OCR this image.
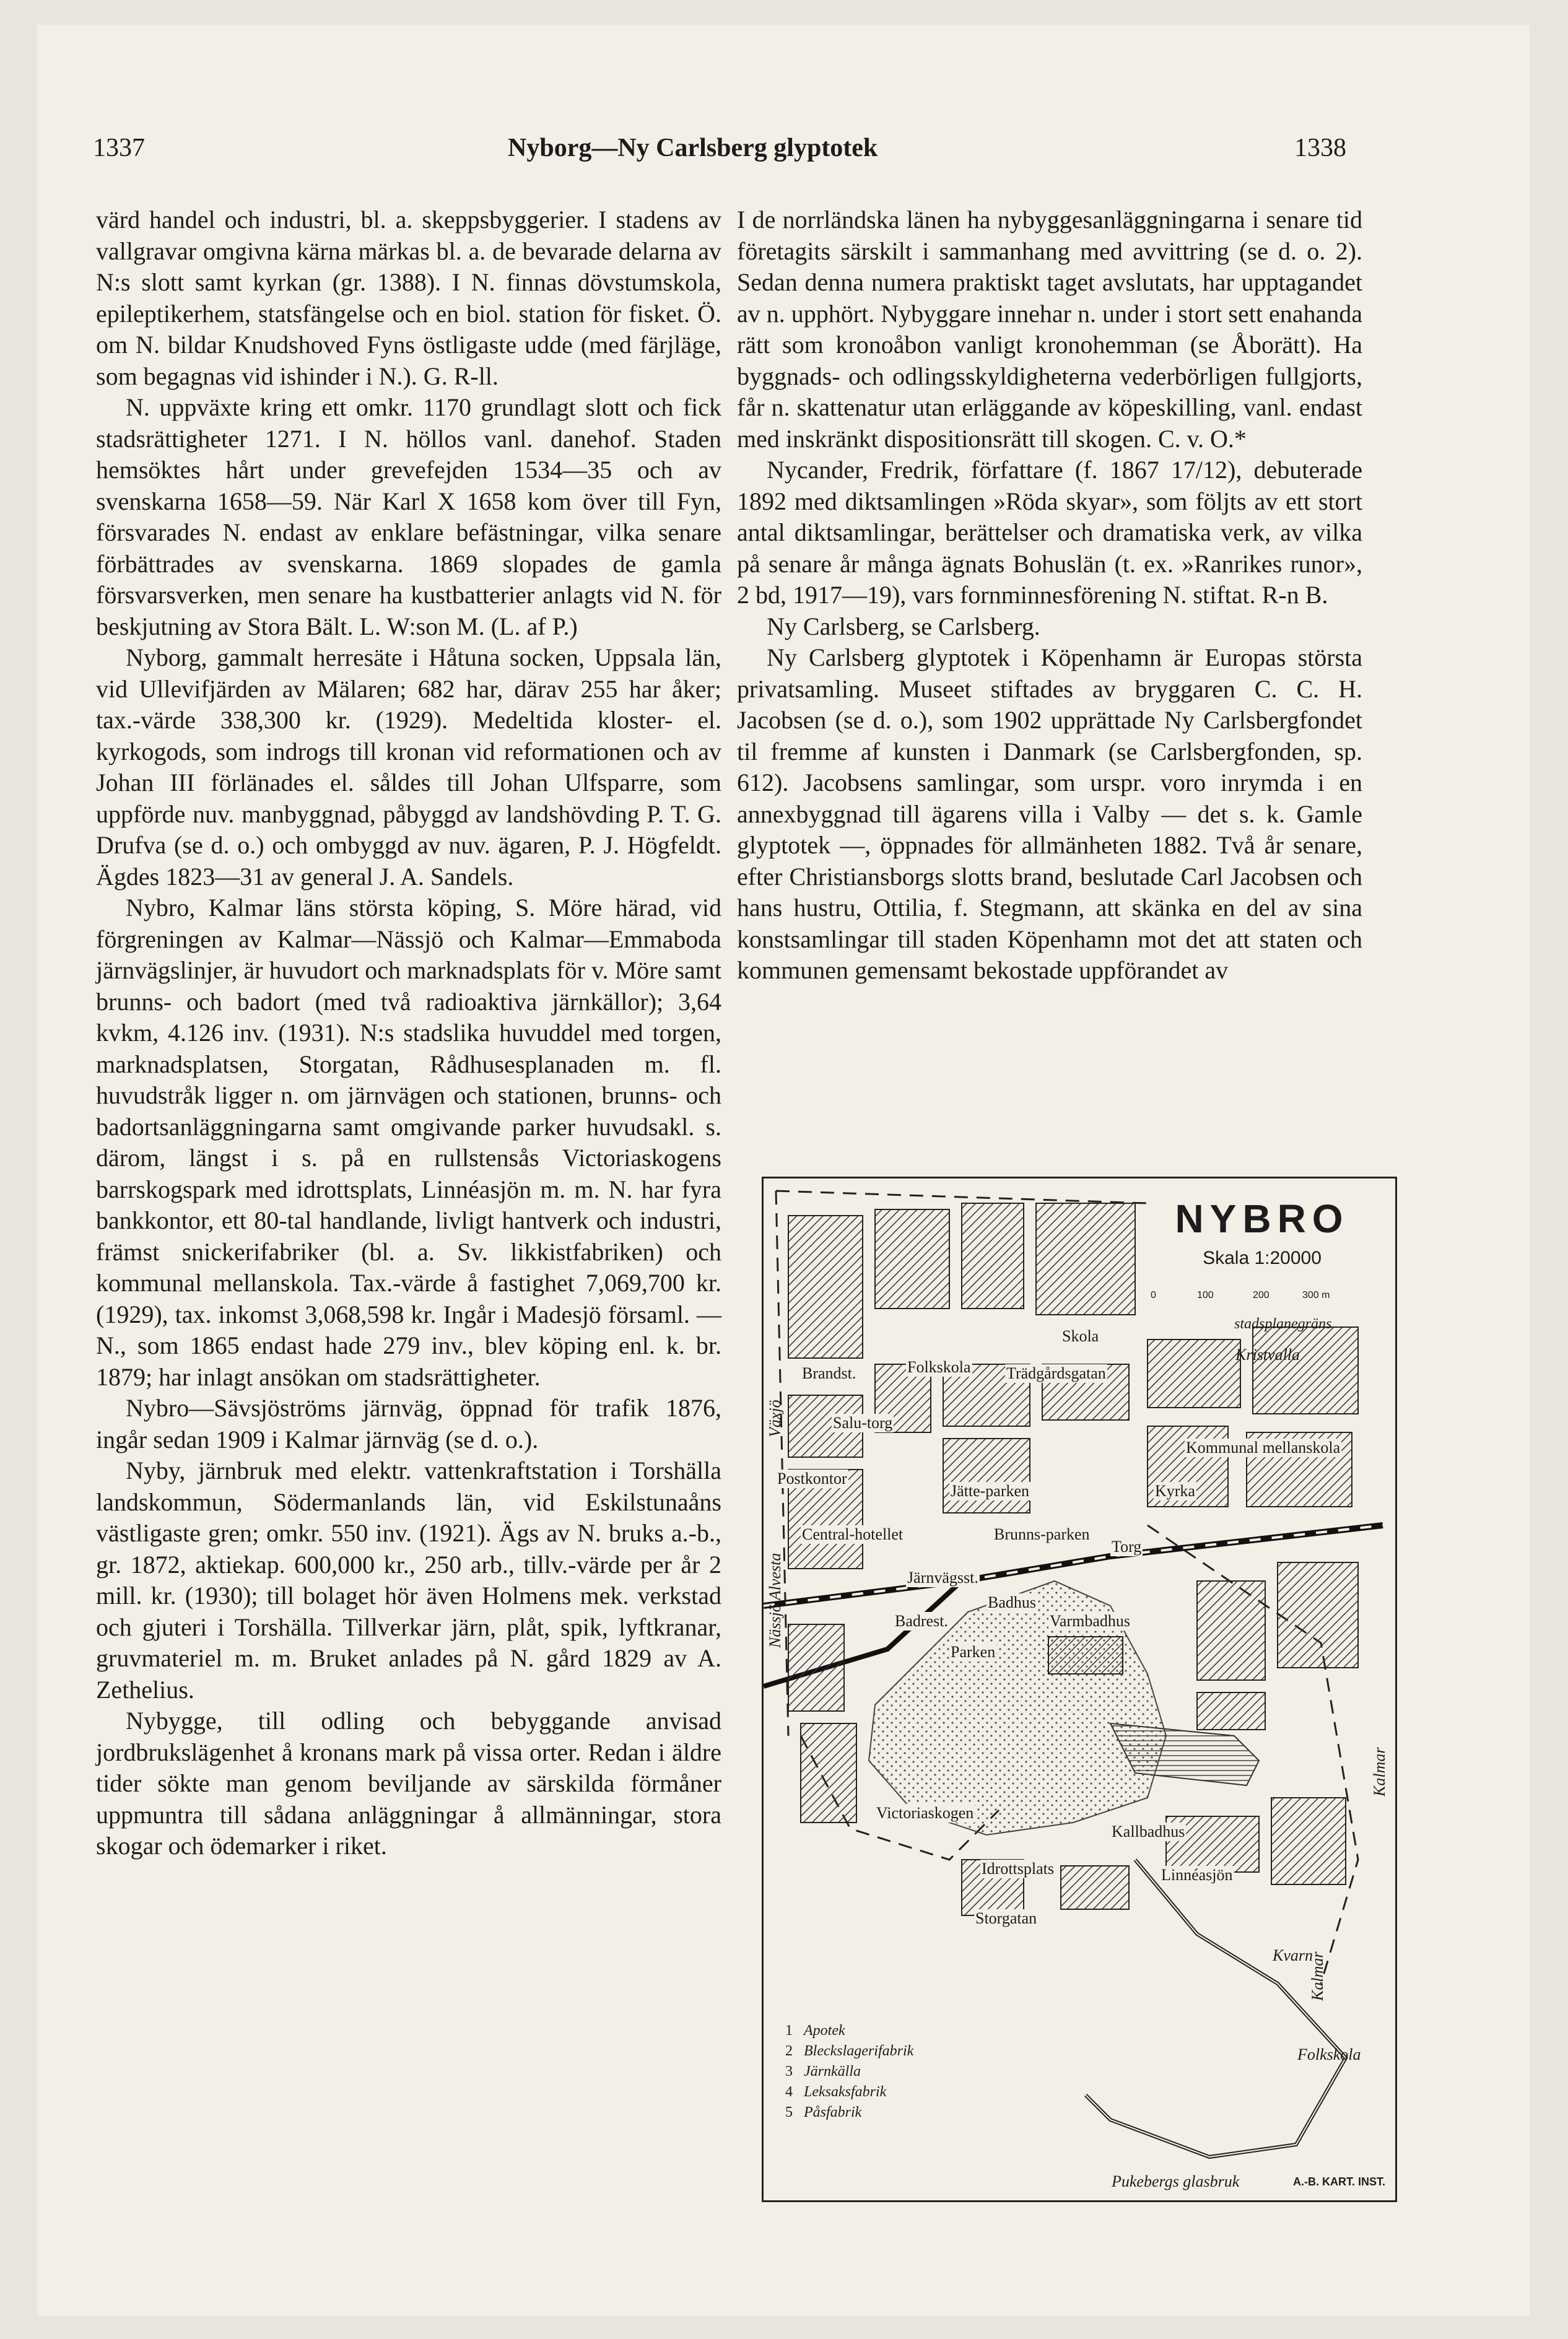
1337	Nyborg—Ny Carlsberg glyptotek	1338

värd handel och industri, bl. a. skeppsbyggerier. I stadens av vallgravar omgivna kärna märkas bl. a. de bevarade delarna av N:s slott samt kyrkan (gr. 1388). I N. finnas dövstumskola, epileptikerhem, statsfängelse och en biol. station för fisket. Ö. om N. bildar Knudshoved Fyns östligaste udde (med färjläge, som begagnas vid ishinder i N.). G. R-ll.

N. uppväxte kring ett omkr. 1170 grundlagt slott och fick stadsrättigheter 1271. I N. höllos vanl. danehof. Staden hemsöktes hårt under grevefejden 1534—35 och av svenskarna 1658—59. När Karl X 1658 kom över till Fyn, försvarades N. endast av enklare befästningar, vilka senare förbättrades av svenskarna. 1869 slopades de gamla försvarsverken, men senare ha kustbatterier anlagts vid N. för beskjutning av Stora Bält. L. W:son M. (L. af P.)

Nyborg, gammalt herresäte i Håtuna socken, Uppsala län, vid Ullevifjärden av Mälaren; 682 har, därav 255 har åker; tax.-värde 338,300 kr. (1929). Medeltida kloster- el. kyrkogods, som indrogs till kronan vid reformationen och av Johan III förlänades el. såldes till Johan Ulfsparre, som uppförde nuv. manbyggnad, påbyggd av landshövding P. T. G. Drufva (se d. o.) och ombyggd av nuv. ägaren, P. J. Högfeldt. Ägdes 1823—31 av general J. A. Sandels.

Nybro, Kalmar läns största köping, S. Möre härad, vid förgreningen av Kalmar—Nässjö och Kalmar—Emmaboda järnvägslinjer, är huvudort och marknadsplats för v. Möre samt brunns- och badort (med två radioaktiva järnkällor); 3,64 kvkm, 4.126 inv. (1931). N:s stadslika huvuddel med torgen, marknadsplatsen, Storgatan, Rådhusesplanaden m. fl. huvudstråk ligger n. om järnvägen och stationen, brunns- och badortsanläggningarna samt omgivande parker huvudsakl. s. därom, längst i s. på en rullstensås Victoriaskogens barrskogspark med idrottsplats, Linnéasjön m. m. N. har fyra bankkontor, ett 80-tal handlande, livligt hantverk och industri, främst snickerifabriker (bl. a. Sv. likkistfabriken) och kommunal mellanskola. Tax.-värde å fastighet 7,069,700 kr. (1929), tax. inkomst 3,068,598 kr. Ingår i Madesjö församl. — N., som 1865 endast hade 279 inv., blev köping enl. k. br. 1879; har inlagt ansökan om stadsrättigheter.

Nybro—Sävsjöströms järnväg, öppnad för trafik 1876, ingår sedan 1909 i Kalmar järnväg (se d. o.).

Nyby, järnbruk med elektr. vattenkraftstation i Torshälla landskommun, Södermanlands län, vid Eskilstunaåns västligaste gren; omkr. 550 inv. (1921). Ägs av N. bruks a.-b., gr. 1872, aktiekap. 600,000 kr., 250 arb., tillv.-värde per år 2 mill. kr. (1930); till bolaget hör även Holmens mek. verkstad och gjuteri i Torshälla. Tillverkar järn, plåt, spik, lyftkranar, gruvmateriel m. m. Bruket anlades på N. gård 1829 av A. Zethelius.

Nybygge, till odling och bebyggande anvisad jordbrukslägenhet å kronans mark på vissa orter. Redan i äldre tider sökte man genom beviljande av särskilda förmåner uppmuntra till sådana anläggningar å allmänningar, stora skogar och ödemarker i riket.

I de norrländska länen ha nybyggesanläggningarna i senare tid företagits särskilt i sammanhang med avvittring (se d. o. 2). Sedan denna numera praktiskt taget avslutats, har upptagandet av n. upphört. Nybyggare innehar n. under i stort sett enahanda rätt som kronoåbon vanligt kronohemman (se Åborätt). Ha byggnads- och odlingsskyldigheterna vederbörligen fullgjorts, får n. skattenatur utan erläggande av köpeskilling, vanl. endast med inskränkt dispositionsrätt till skogen. C. v. O.*

Nycander, Fredrik, författare (f. 1867 17/12), debuterade 1892 med diktsamlingen »Röda skyar», som följts av ett stort antal diktsamlingar, berättelser och dramatiska verk, av vilka på senare år många ägnats Bohuslän (t. ex. »Ranrikes runor», 2 bd, 1917—19), vars fornminnesförening N. stiftat. R-n B.

Ny Carlsberg, se Carlsberg.

Ny Carlsberg glyptotek i Köpenhamn är Europas största privatsamling. Museet stiftades av bryggaren C. C. H. Jacobsen (se d. o.), som 1902 upprättade Ny Carlsbergfondet til fremme af kunsten i Danmark (se Carlsbergfonden, sp. 612). Jacobsens samlingar, som urspr. voro inrymda i en annexbyggnad till ägarens villa i Valby — det s. k. Gamle glyptotek —, öppnades för allmänheten 1882. Två år senare, efter Christiansborgs slotts brand, beslutade Carl Jacobsen och hans hustru, Ottilia, f. Stegmann, att skänka en del av sina konstsamlingar till staden Köpenhamn mot det att staten och kommunen gemensamt bekostade uppförandet av

NYBRO
Skala 1:20000
0	100	200	300 m
stadsplanegräns
Skola
Kristvalla
Brandst.	Folkskola Trädgårdsgatan
Salu-torg
Postkontor
Kommunal mellanskola
Jätte-parken	Kyrka
Central-hotellet	Brunns-parken
Torg
Järnvägsst.
Badhus
Varmbadhus
Badrest.
Parken
Victoriaskogen
Kallbadhus
Idrottsplats	Linnéasjön
Storgatan
Kvarn
Folkskola
Pukebergs glasbruk
Kalmar
Kalmar
Växjö
Nässjö Alvesta
1 Apotek
2 Bleckslagerifabrik
3 Järnkälla
4 Leksaksfabrik
5 Påsfabrik
A.-B. KART. INST.
